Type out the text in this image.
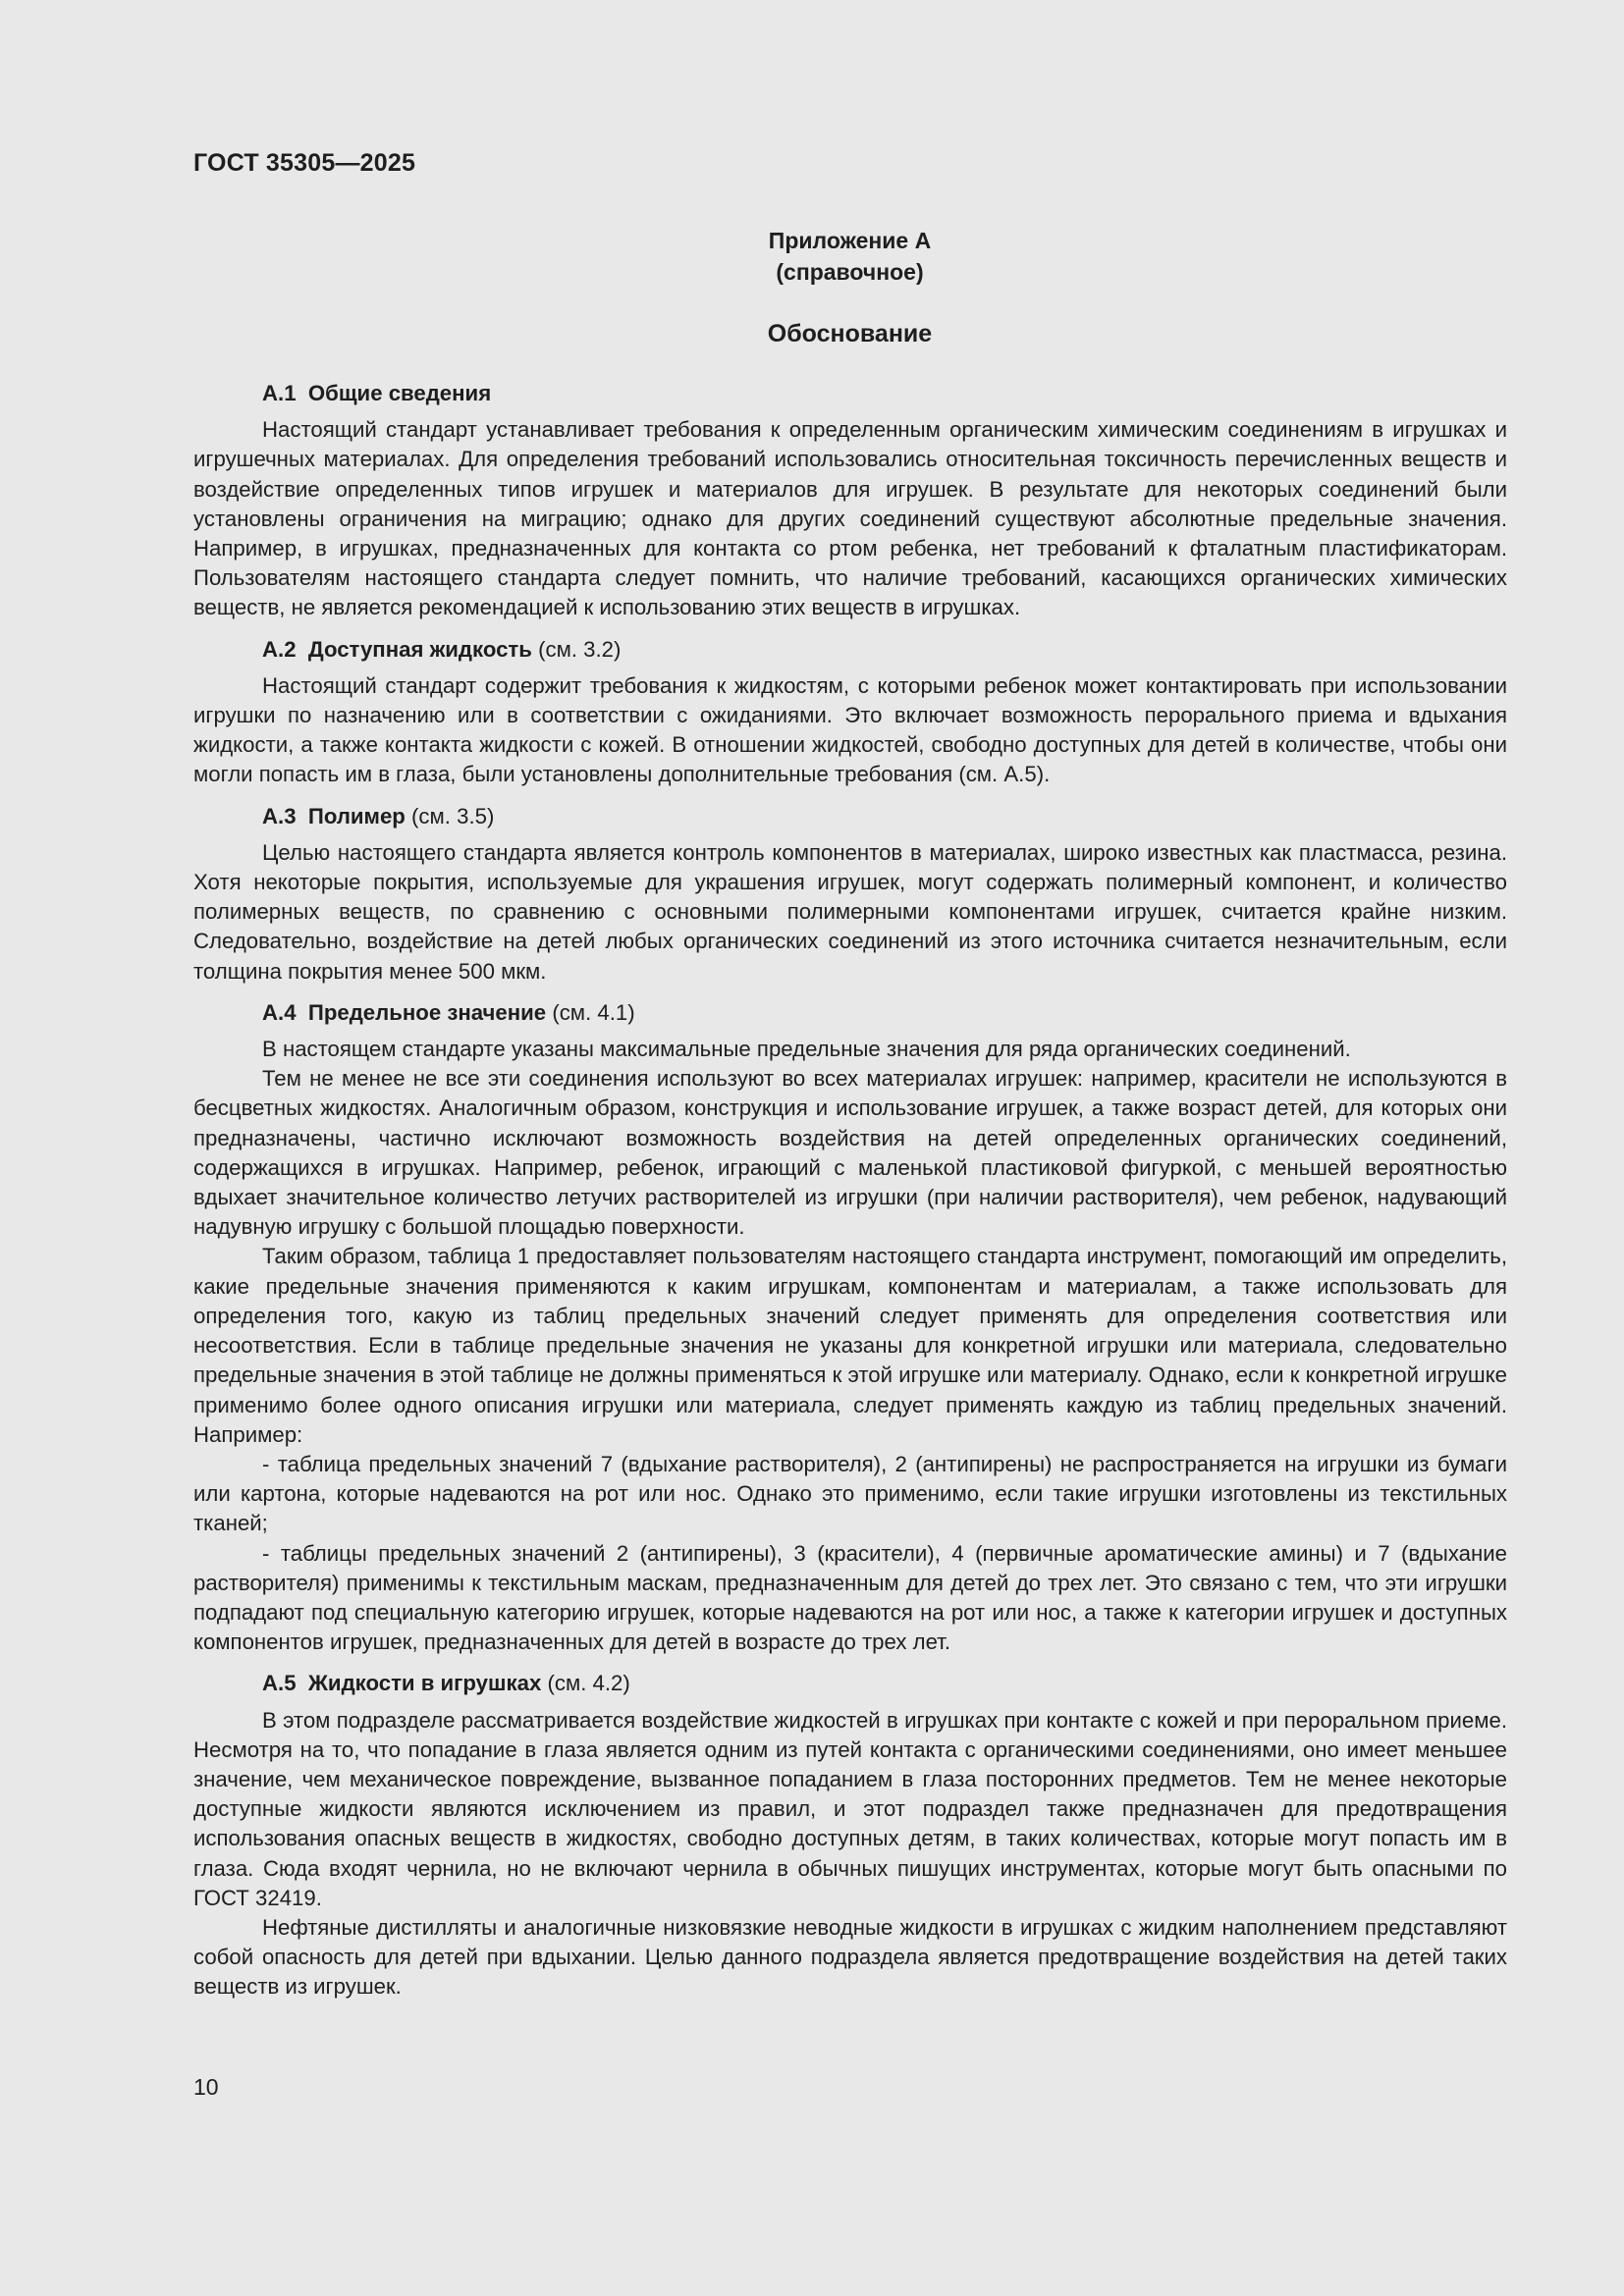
ГОСТ 35305—2025
Приложение А
(справочное)
Обоснование
А.1 Общие сведения

Настоящий стандарт устанавливает требования к определенным органическим химическим соединениям в игрушках и игрушечных материалах. Для определения требований использовались относительная токсичность перечисленных веществ и воздействие определенных типов игрушек и материалов для игрушек. В результате для некоторых соединений были установлены ограничения на миграцию; однако для других соединений существуют абсолютные предельные значения. Например, в игрушках, предназначенных для контакта со ртом ребенка, нет требований к фталатным пластификаторам. Пользователям настоящего стандарта следует помнить, что наличие требований, касающихся органических химических веществ, не является рекомендацией к использованию этих веществ в игрушках.

А.2 Доступная жидкость (см. 3.2)

Настоящий стандарт содержит требования к жидкостям, с которыми ребенок может контактировать при использовании игрушки по назначению или в соответствии с ожиданиями. Это включает возможность перорального приема и вдыхания жидкости, а также контакта жидкости с кожей. В отношении жидкостей, свободно доступных для детей в количестве, чтобы они могли попасть им в глаза, были установлены дополнительные требования (см. А.5).

А.3 Полимер (см. 3.5)

Целью настоящего стандарта является контроль компонентов в материалах, широко известных как пластмасса, резина. Хотя некоторые покрытия, используемые для украшения игрушек, могут содержать полимерный компонент, и количество полимерных веществ, по сравнению с основными полимерными компонентами игрушек, считается крайне низким. Следовательно, воздействие на детей любых органических соединений из этого источника считается незначительным, если толщина покрытия менее 500 мкм.

А.4 Предельное значение (см. 4.1)

В настоящем стандарте указаны максимальные предельные значения для ряда органических соединений.

Тем не менее не все эти соединения используют во всех материалах игрушек: например, красители не используются в бесцветных жидкостях. Аналогичным образом, конструкция и использование игрушек, а также возраст детей, для которых они предназначены, частично исключают возможность воздействия на детей определенных органических соединений, содержащихся в игрушках. Например, ребенок, играющий с маленькой пластиковой фигуркой, с меньшей вероятностью вдыхает значительное количество летучих растворителей из игрушки (при наличии растворителя), чем ребенок, надувающий надувную игрушку с большой площадью поверхности.

Таким образом, таблица 1 предоставляет пользователям настоящего стандарта инструмент, помогающий им определить, какие предельные значения применяются к каким игрушкам, компонентам и материалам, а также использовать для определения того, какую из таблиц предельных значений следует применять для определения соответствия или несоответствия. Если в таблице предельные значения не указаны для конкретной игрушки или материала, следовательно предельные значения в этой таблице не должны применяться к этой игрушке или материалу. Однако, если к конкретной игрушке применимо более одного описания игрушки или материала, следует применять каждую из таблиц предельных значений. Например:

- таблица предельных значений 7 (вдыхание растворителя), 2 (антипирены) не распространяется на игрушки из бумаги или картона, которые надеваются на рот или нос. Однако это применимо, если такие игрушки изготовлены из текстильных тканей;

- таблицы предельных значений 2 (антипирены), 3 (красители), 4 (первичные ароматические амины) и 7 (вдыхание растворителя) применимы к текстильным маскам, предназначенным для детей до трех лет. Это связано с тем, что эти игрушки подпадают под специальную категорию игрушек, которые надеваются на рот или нос, а также к категории игрушек и доступных компонентов игрушек, предназначенных для детей в возрасте до трех лет.

А.5 Жидкости в игрушках (см. 4.2)

В этом подразделе рассматривается воздействие жидкостей в игрушках при контакте с кожей и при пероральном приеме. Несмотря на то, что попадание в глаза является одним из путей контакта с органическими соединениями, оно имеет меньшее значение, чем механическое повреждение, вызванное попаданием в глаза посторонних предметов. Тем не менее некоторые доступные жидкости являются исключением из правил, и этот подраздел также предназначен для предотвращения использования опасных веществ в жидкостях, свободно доступных детям, в таких количествах, которые могут попасть им в глаза. Сюда входят чернила, но не включают чернила в обычных пишущих инструментах, которые могут быть опасными по ГОСТ 32419.

Нефтяные дистилляты и аналогичные низковязкие неводные жидкости в игрушках с жидким наполнением представляют собой опасность для детей при вдыхании. Целью данного подраздела является предотвращение воздействия на детей таких веществ из игрушек.

10
